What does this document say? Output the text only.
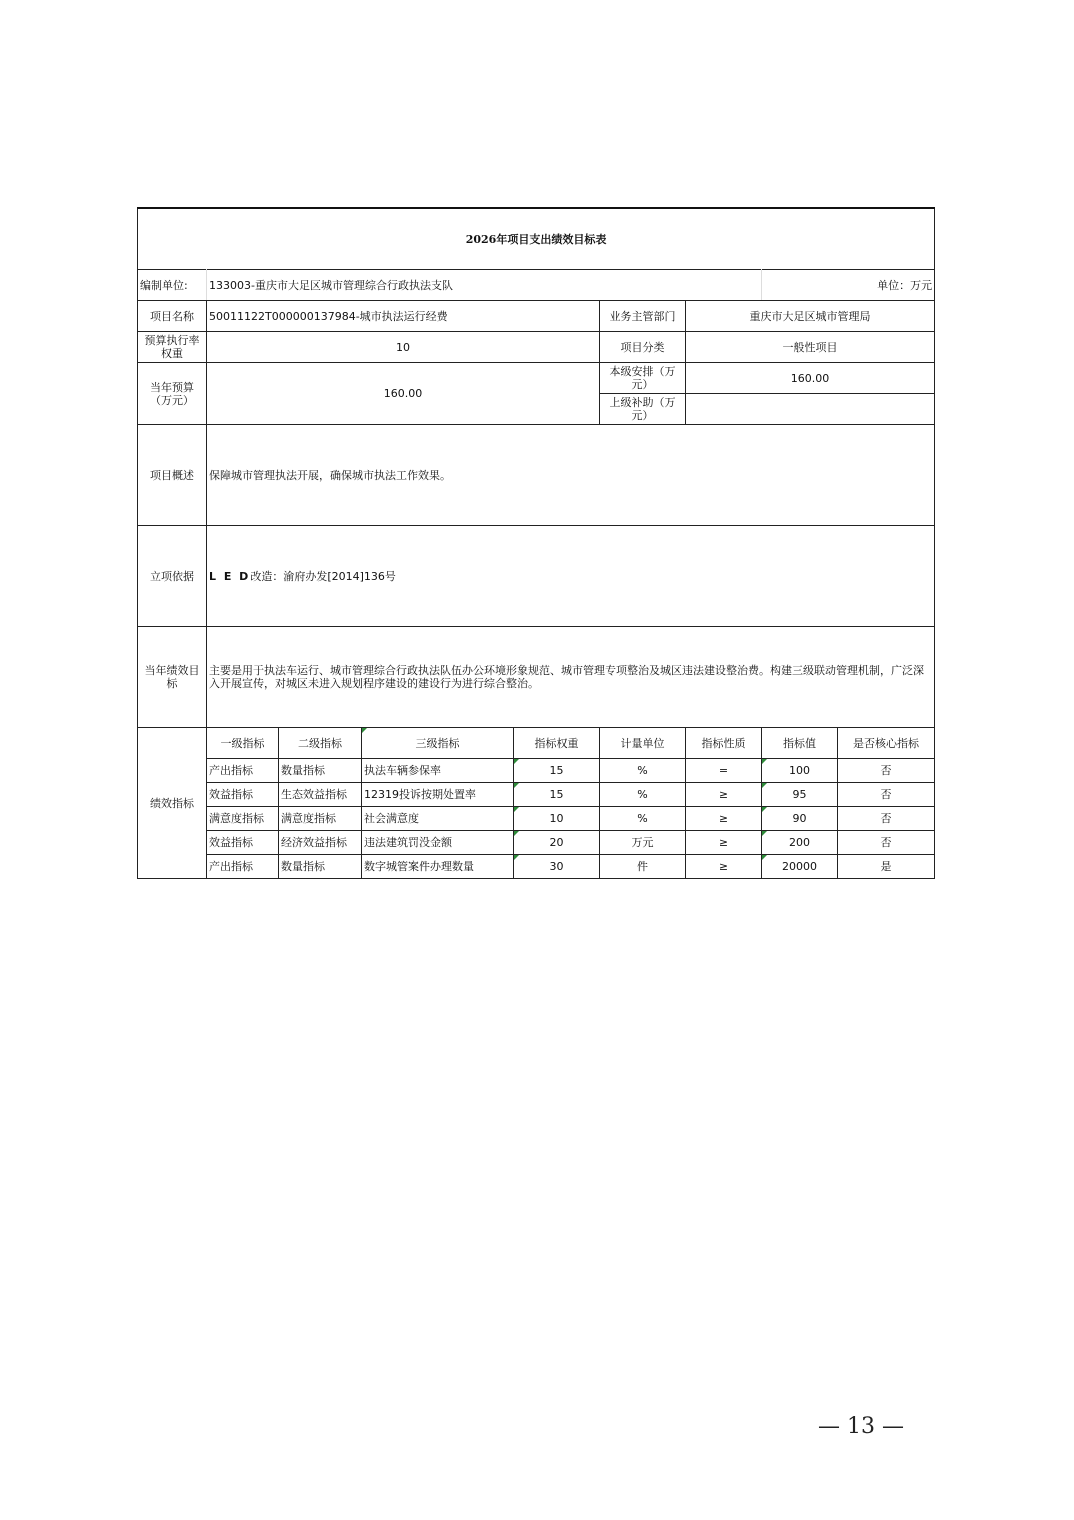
2026年项目支出绩效目标表								
编制单位:	133003-重庆市大足区城市管理综合行政执法支队						单位：万元	
项目名称	50011122T000000137984-城市执法运行经费				业务主管部门	重庆市大足区城市管理局		
预算执行率权重	10				项目分类	一般性项目		
当年预算（万元）	160.00				本级安排（万元）	160.00		
					上级补助（万元）			
项目概述	保障城市管理执法开展，确保城市执法工作效果。							
立项依据	L E D改造：渝府办发[2014]136号							
当年绩效目标	主要是用于执法车运行、城市管理综合行政执法队伍办公环境形象规范、城市管理专项整治及城区违法建设整治费。构建三级联动管理机制，广泛深入开展宣传，对城区未进入规划程序建设的建设行为进行综合整治。							
绩效指标	一级指标	二级指标	三级指标	指标权重	计量单位	指标性质	指标值	是否核心指标
	产出指标	数量指标	执法车辆参保率	15	%	=	100	否
	效益指标	生态效益指标	12319投诉按期处置率	15	%	≥	95	否
	满意度指标	满意度指标	社会满意度	10	%	≥	90	否
	效益指标	经济效益指标	违法建筑罚没金额	20	万元	≥	200	否
	产出指标	数量指标	数字城管案件办理数量	30	件	≥	20000	是
— 13 —
